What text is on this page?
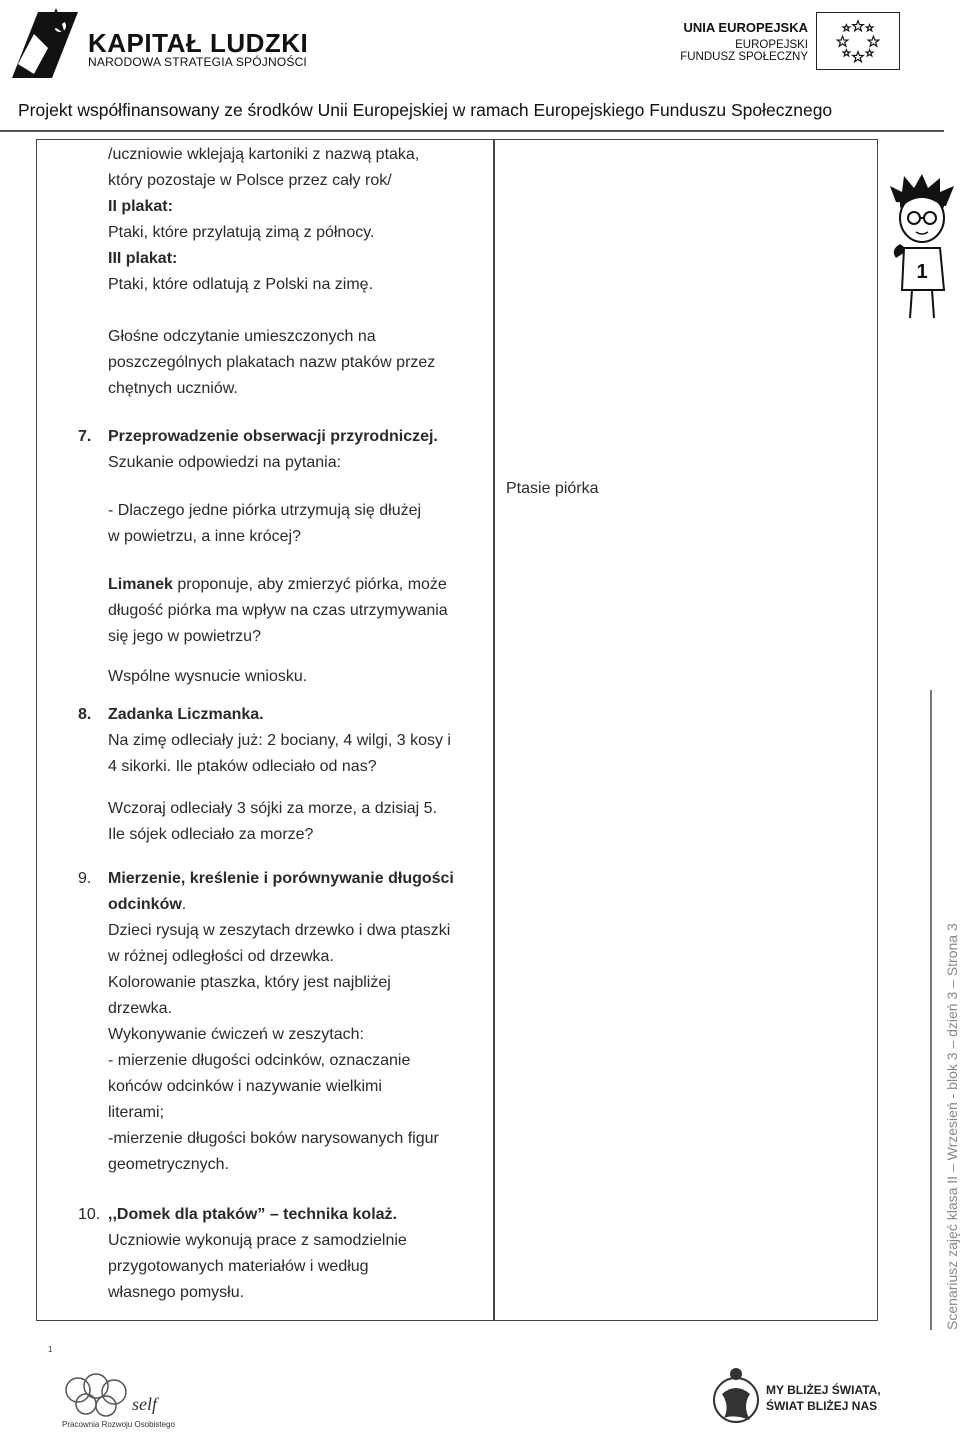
KAPITAŁ LUDZKI
NARODOWA STRATEGIA SPÓJNOŚCI
UNIA EUROPEJSKA
EUROPEJSKI
FUNDUSZ SPOŁECZNY
Projekt współfinansowany ze środków Unii Europejskiej w ramach Europejskiego Funduszu Społecznego

/uczniowie wklejają kartoniki z nazwą ptaka,

który pozostaje w Polsce przez cały rok/

II plakat:

Ptaki, które przylatują zimą z północy.

III plakat:

Ptaki, które odlatują z Polski na zimę.

Głośne odczytanie umieszczonych na

poszczególnych plakatach nazw ptaków przez

chętnych uczniów.

7. Przeprowadzenie obserwacji przyrodniczej.

Szukanie odpowiedzi na pytania:

- Dlaczego jedne piórka utrzymują się dłużej

w powietrzu, a inne krócej?

Limanek proponuje, aby zmierzyć piórka, może

długość piórka ma wpływ na czas utrzymywania

się jego w powietrzu?

Wspólne wysnucie wniosku.

8. Zadanka Liczmanka.

Na zimę odleciały już: 2 bociany, 4 wilgi, 3 kosy i

4 sikorki. Ile ptaków odleciało od nas?

Wczoraj odleciały 3 sójki za morze, a dzisiaj 5.

Ile sójek odleciało za morze?

9. Mierzenie, kreślenie i porównywanie długości

odcinków.

Dzieci rysują w zeszytach drzewko i dwa ptaszki

w różnej odległości od drzewka.

Kolorowanie ptaszka, który jest najbliżej

drzewka.

Wykonywanie ćwiczeń w zeszytach:

- mierzenie długości odcinków, oznaczanie

końców odcinków i nazywanie wielkimi

literami;

-mierzenie długości boków narysowanych figur

geometrycznych.

10. ,,Domek dla ptaków” – technika kolaż.

Uczniowie wykonują prace z samodzielnie

przygotowanych materiałów i według

własnego pomysłu.

Ptasie piórka
1
Scenariusz zajęć klasa II – Wrzesień - blok 3 – dzień 3 – Strona 3
1
self
Pracownia Rozwoju Osobistego
MY BLIŻEJ ŚWIATA,
ŚWIAT BLIŻEJ NAS
